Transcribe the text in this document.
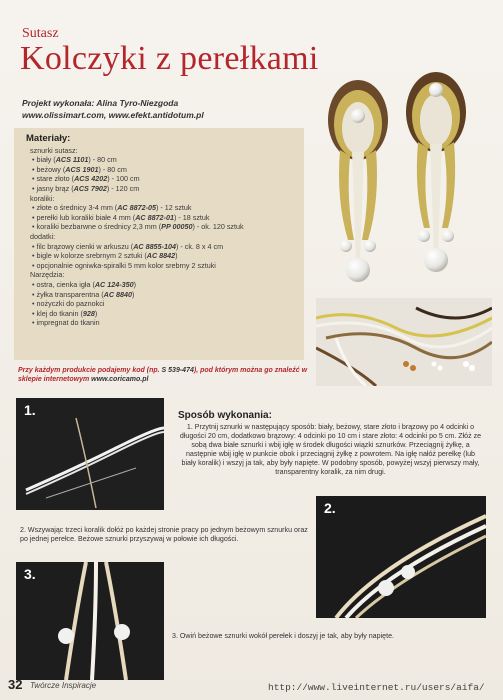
Sutasz
Kolczyki z perełkami
Projekt wykonała: Alina Tyro-Niezgoda
www.olissimart.com, www.efekt.antidotum.pl
Materiały:
sznurki sutasz:
• biały (ACS 1101) - 80 cm
• beżowy (ACS 1901) - 80 cm
• stare złoto (ACS 4202) - 100 cm
• jasny brąz (ACS 7902) - 120 cm
koraliki:
• złote o średnicy 3-4 mm (AC 8872-05) - 12 sztuk
• perełki lub koraliki białe 4 mm (AC 8872-01) - 18 sztuk
• koraliki bezbarwne o średnicy 2,3 mm (PP 00050) - ok. 120 sztuk
dodatki:
• filc brązowy cienki w arkuszu (AC 8855-104) - ck. 8 x 4 cm
• bigle w kolorze srebrnym 2 sztuki (AC 8842)
• opcjonalnie ogniwka-spiralki 5 mm kolor srebrny 2 sztuki
Narzędzia:
• ostra, cienka igła (AC 124-350)
• żyłka transparentna (AC 8840)
• nożyczki do paznokci
• klej do tkanin (928)
• impregnat do tkanin
Przy każdym produkcie podajemy kod (np. S 539-474), pod którym można go znaleźć w sklepie internetowym www.coricamo.pl
1.	Sposób wykonania:
1. Przytnij sznurki w następujący sposób: biały, beżowy, stare złoto i brązowy po 4 odcinki o długości 20 cm, dodatkowo brązowy: 4 odcinki po 10 cm i stare złoto: 4 odcinki po 5 cm. Złóż ze sobą dwa białe sznurki i wbij igłę w środek długości wiązki sznurków. Przeciągnij żyłkę, a następnie wbij igłę w punkcie obok i przeciągnij żyłkę z powrotem. Na igłę nałóż perełkę (lub biały koralik) i wszyj ja tak, aby były napięte. W podobny sposób, powyżej wszyj pierwszy mały, transparentny koralik, za nim drugi.
2. Wszywając trzeci koralik dołóż po każdej stronie pracy po jednym beżowym sznurku oraz po jednej perełce. Beżowe sznurki przyszywaj w połowie ich długości.
2.
3.
3. Owiń beżowe sznurki wokół perełek i doszyj je tak, aby były napięte.
32 Twórcze Inspiracje	http://www.liveinternet.ru/users/aifa/
